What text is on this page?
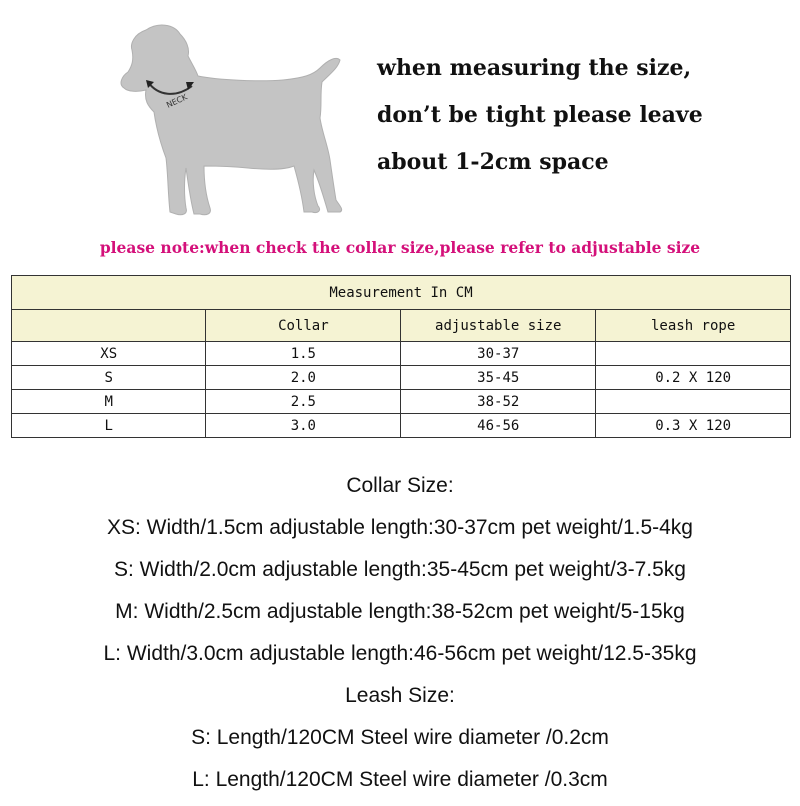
NECK
when measuring the size,
don’t be tight please leave
about 1-2cm space
please note:when check the collar size,please refer to adjustable size
Measurement In CM			
	Collar	adjustable size	leash rope
XS	1.5	30-37	
S	2.0	35-45	0.2 X 120
M	2.5	38-52	
L	3.0	46-56	0.3 X 120
Collar Size:
XS: Width/1.5cm adjustable length:30-37cm pet weight/1.5-4kg
S: Width/2.0cm adjustable length:35-45cm pet weight/3-7.5kg
M: Width/2.5cm adjustable length:38-52cm pet weight/5-15kg
L: Width/3.0cm adjustable length:46-56cm pet weight/12.5-35kg
Leash Size:
S: Length/120CM Steel wire diameter /0.2cm
L: Length/120CM Steel wire diameter /0.3cm
